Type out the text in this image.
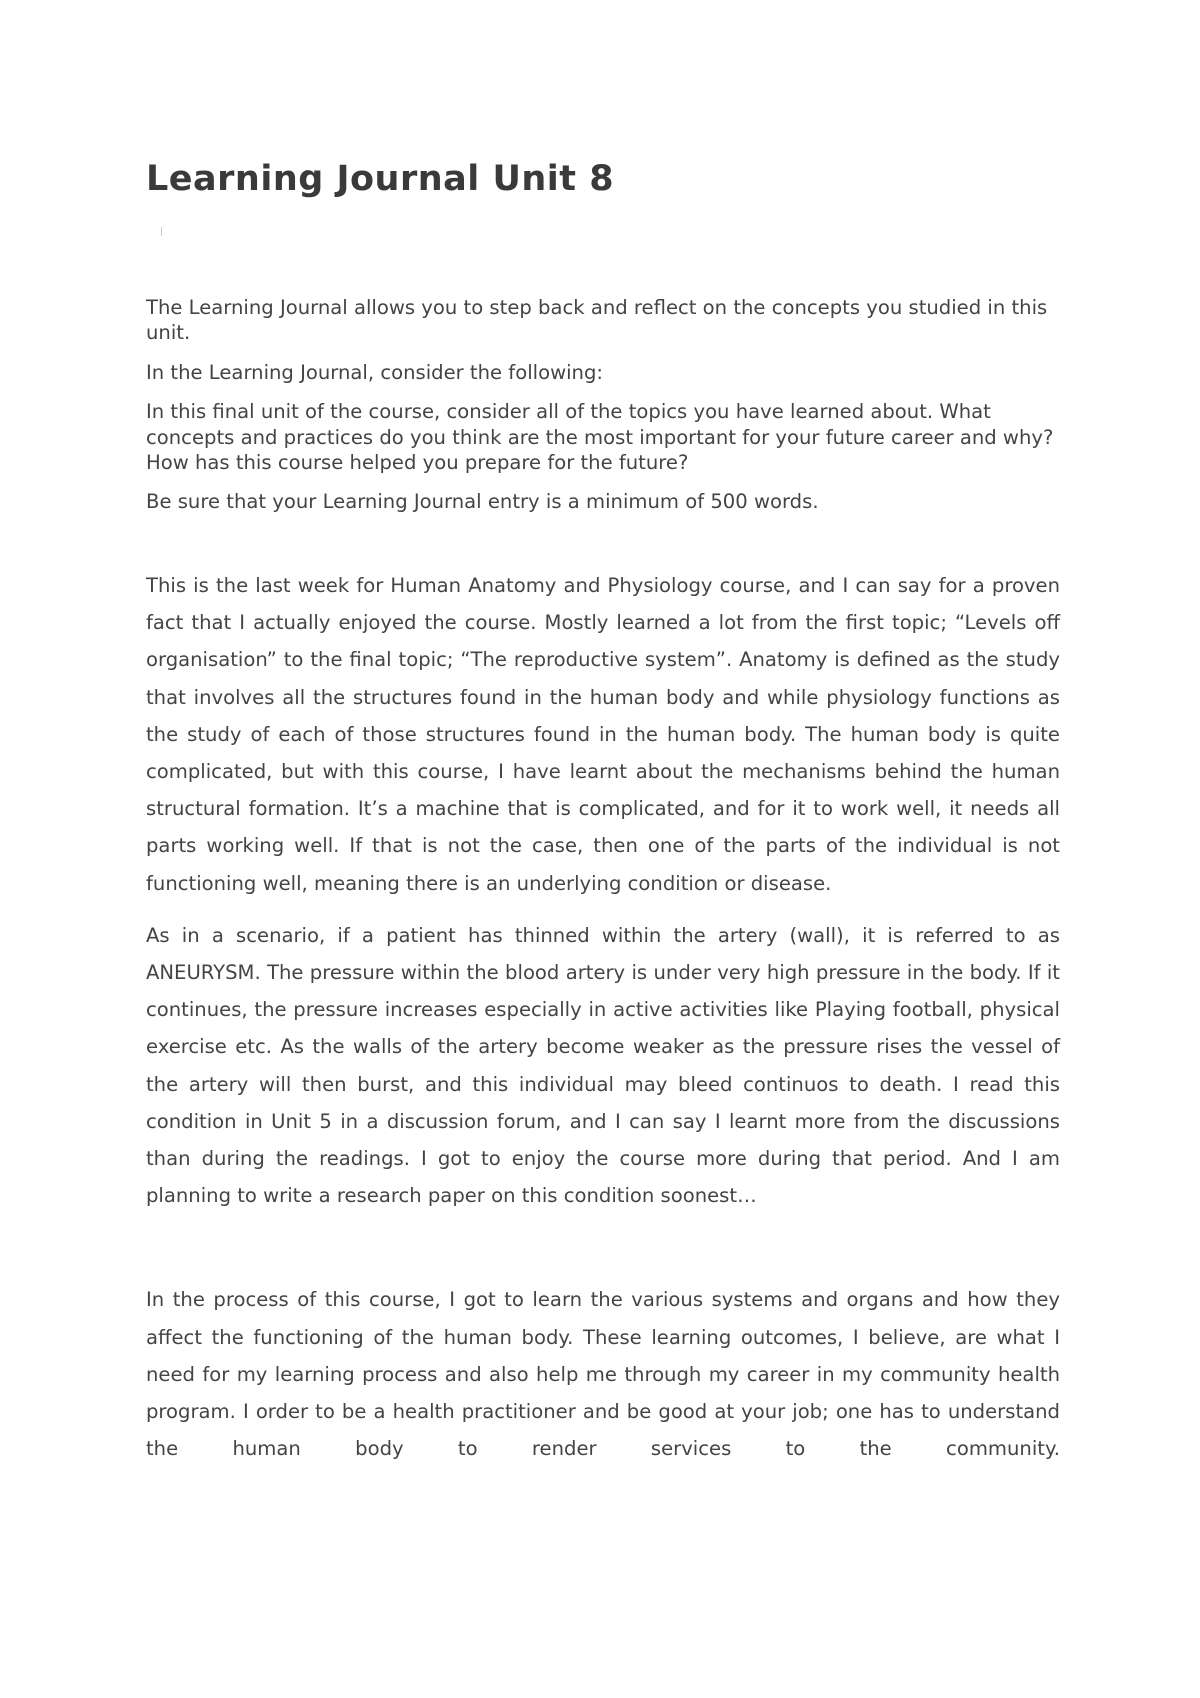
Learning Journal Unit 8

The Learning Journal allows you to step back and reflect on the concepts you studied in this unit.

In the Learning Journal, consider the following:

In this final unit of the course, consider all of the topics you have learned about. What concepts and practices do you think are the most important for your future career and why? How has this course helped you prepare for the future?

Be sure that your Learning Journal entry is a minimum of 500 words.

This is the last week for Human Anatomy and Physiology course, and I can say for a proven fact that I actually enjoyed the course. Mostly learned a lot from the first topic; “Levels off organisation” to the final topic; “The reproductive system”. Anatomy is defined as the study that involves all the structures found in the human body and while physiology functions as the study of each of those structures found in the human body. The human body is quite complicated, but with this course, I have learnt about the mechanisms behind the human structural formation. It’s a machine that is complicated, and for it to work well, it needs all parts working well. If that is not the case, then one of the parts of the individual is not functioning well, meaning there is an underlying condition or disease.

As in a scenario, if a patient has thinned within the artery (wall), it is referred to as ANEURYSM. The pressure within the blood artery is under very high pressure in the body. If it continues, the pressure increases especially in active activities like Playing football, physical exercise etc. As the walls of the artery become weaker as the pressure rises the vessel of the artery will then burst, and this individual may bleed continuos to death. I read this condition in Unit 5 in a discussion forum, and I can say I learnt more from the discussions than during the readings. I got to enjoy the course more during that period. And I am planning to write a research paper on this condition soonest…

In the process of this course, I got to learn the various systems and organs and how they affect the functioning of the human body. These learning outcomes, I believe, are what I need for my learning process and also help me through my career in my community health program. I order to be a health practitioner and be good at your job; one has to understand the human body to render services to the community.
